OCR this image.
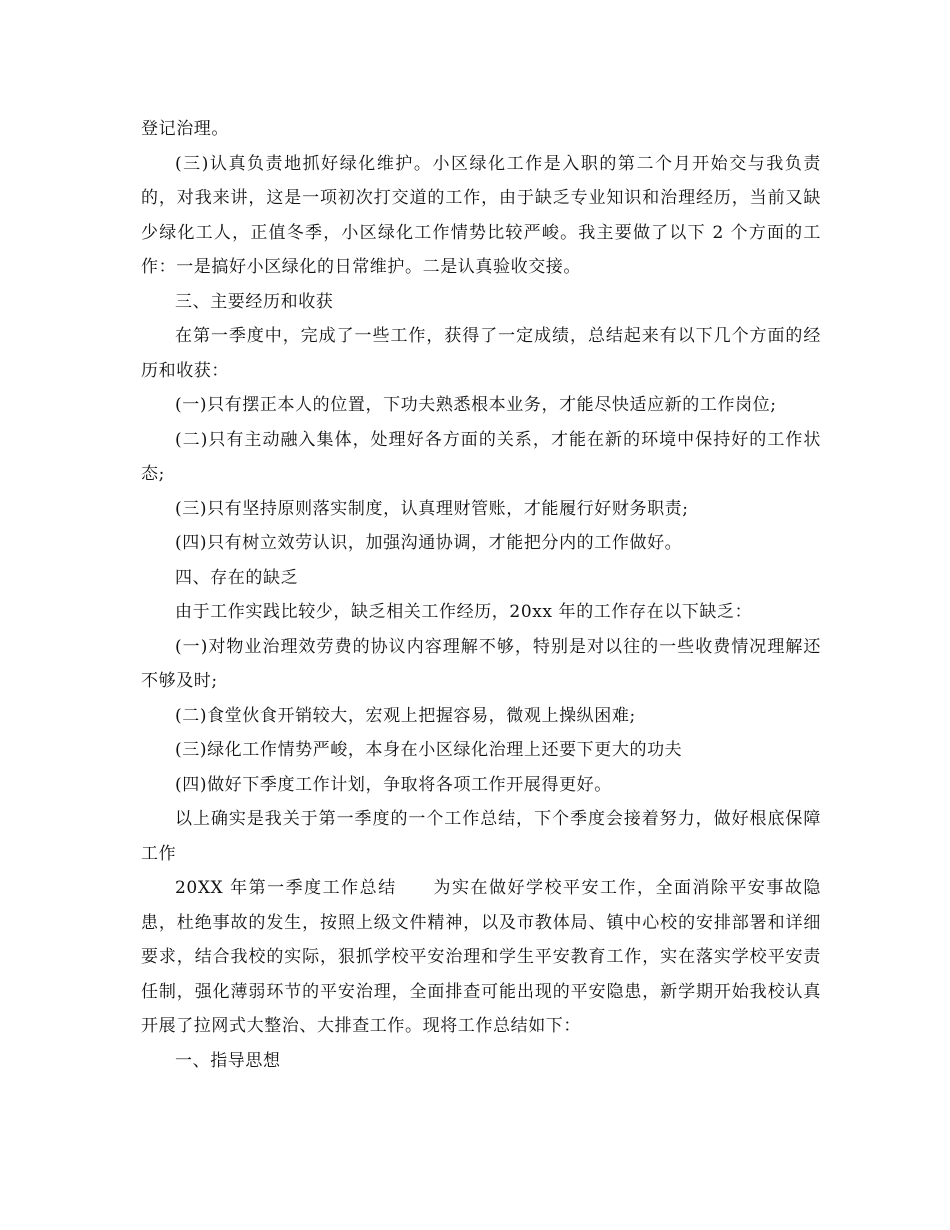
登记治理。

(三)认真负责地抓好绿化维护。小区绿化工作是入职的第二个月开始交与我负责的，对我来讲，这是一项初次打交道的工作，由于缺乏专业知识和治理经历，当前又缺少绿化工人，正值冬季，小区绿化工作情势比较严峻。我主要做了以下 2 个方面的工作：一是搞好小区绿化的日常维护。二是认真验收交接。

三、主要经历和收获

在第一季度中，完成了一些工作，获得了一定成绩，总结起来有以下几个方面的经历和收获：

(一)只有摆正本人的位置，下功夫熟悉根本业务，才能尽快适应新的工作岗位;

(二)只有主动融入集体，处理好各方面的关系，才能在新的环境中保持好的工作状态;

(三)只有坚持原则落实制度，认真理财管账，才能履行好财务职责;

(四)只有树立效劳认识，加强沟通协调，才能把分内的工作做好。

四、存在的缺乏

由于工作实践比较少，缺乏相关工作经历，20xx 年的工作存在以下缺乏：

(一)对物业治理效劳费的协议内容理解不够，特别是对以往的一些收费情况理解还不够及时;

(二)食堂伙食开销较大，宏观上把握容易，微观上操纵困难;

(三)绿化工作情势严峻，本身在小区绿化治理上还要下更大的功夫

(四)做好下季度工作计划，争取将各项工作开展得更好。

以上确实是我关于第一季度的一个工作总结，下个季度会接着努力，做好根底保障工作

20XX 年第一季度工作总结　　为实在做好学校平安工作，全面消除平安事故隐患，杜绝事故的发生，按照上级文件精神，以及市教体局、镇中心校的安排部署和详细要求，结合我校的实际，狠抓学校平安治理和学生平安教育工作，实在落实学校平安责任制，强化薄弱环节的平安治理，全面排查可能出现的平安隐患，新学期开始我校认真开展了拉网式大整治、大排查工作。现将工作总结如下：

一、指导思想
